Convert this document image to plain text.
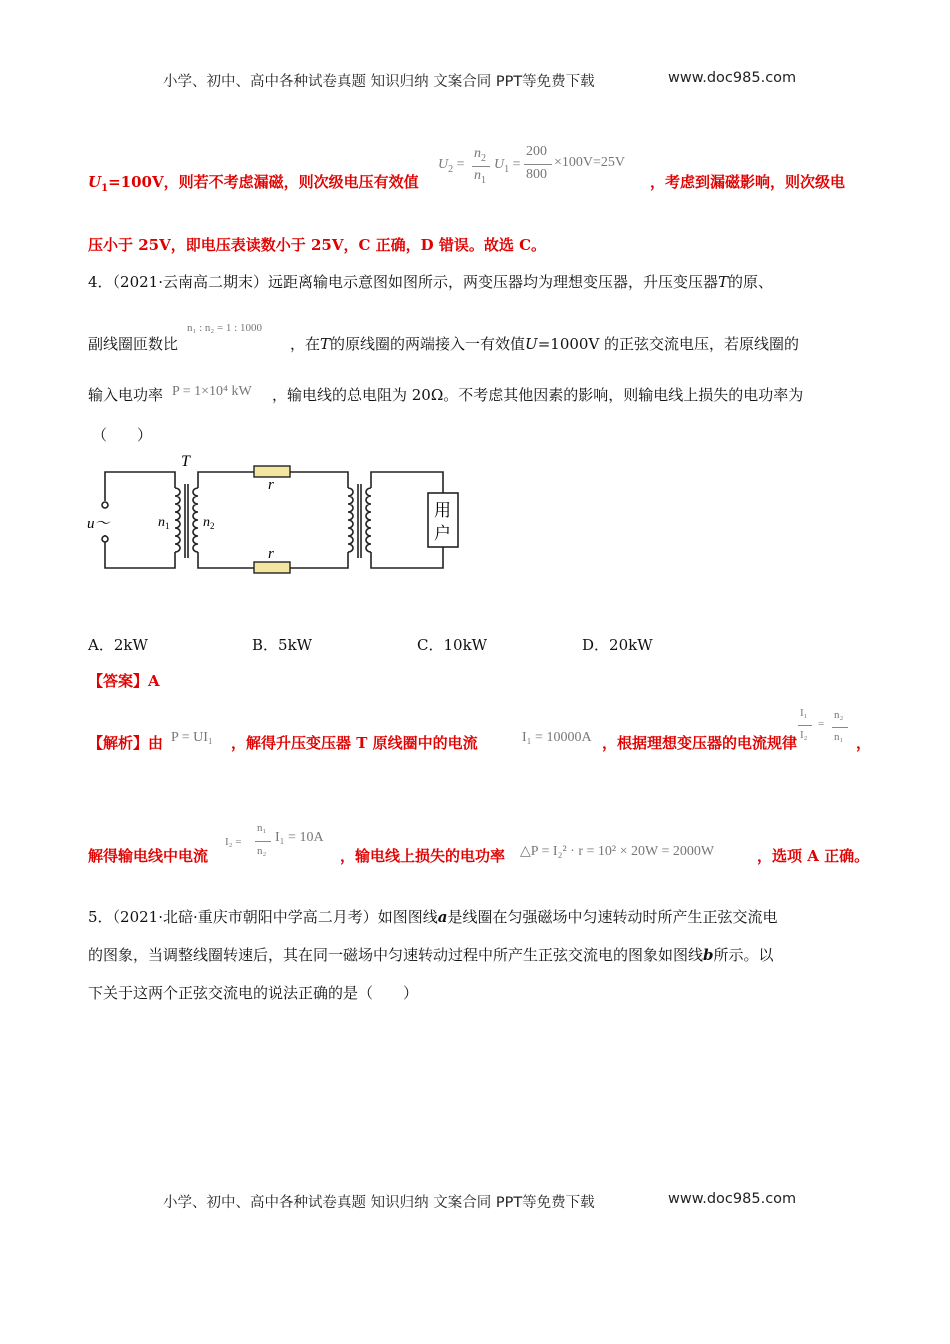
小学、初中、高中各种试卷真题 知识归纳 文案合同 PPT等免费下载	www.doc985.com
$U_1=100V$，则若不考虑漏磁，则次级电压有效值
$U_2$ =
$n_2$
$n_1$
$U_1$ =
200
800
×100V=25V
，考虑到漏磁影响，则次级电
压小于 25V，即电压表读数小于 25V，C 正确，D 错误。故选 C。
4．（2021·云南高二期末）远距离输电示意图如图所示，两变压器均为理想变压器，升压变压器T的原、
副线圈匝数比
n₁ : n₂ = 1 : 1000
，在T的原线圈的两端接入一有效值U=1000V 的正弦交流电压，若原线圈的
输入电功率 P = 1×10⁴ kW ，输电线的总电阻为 20Ω。不考虑其他因素的影响，则输电线上损失的电功率为
（　　）
T
r
r
u～	$n_1$ $n_2$
用
户
A．2kW	B．5kW	C．10kW	D．20kW
【答案】A
【解析】由 P = UI₁ ，解得升压变压器 T 原线圈中的电流	I₁ = 10000A ，根据理想变压器的电流规律
I₁
I₂
=
n₂
n₁ ，
解得输电线中电流
I₂ =
n₁
n₂
I₁ = 10A
，输电线上损失的电功率 △P = I₂² · r = 10² × 20W = 2000W	，选项 A 正确。
5．（2021·北碚·重庆市朝阳中学高二月考）如图图线a是线圈在匀强磁场中匀速转动时所产生正弦交流电
的图象，当调整线圈转速后，其在同一磁场中匀速转动过程中所产生正弦交流电的图象如图线b所示。以
下关于这两个正弦交流电的说法正确的是（　　）
小学、初中、高中各种试卷真题 知识归纳 文案合同 PPT等免费下载	www.doc985.com
